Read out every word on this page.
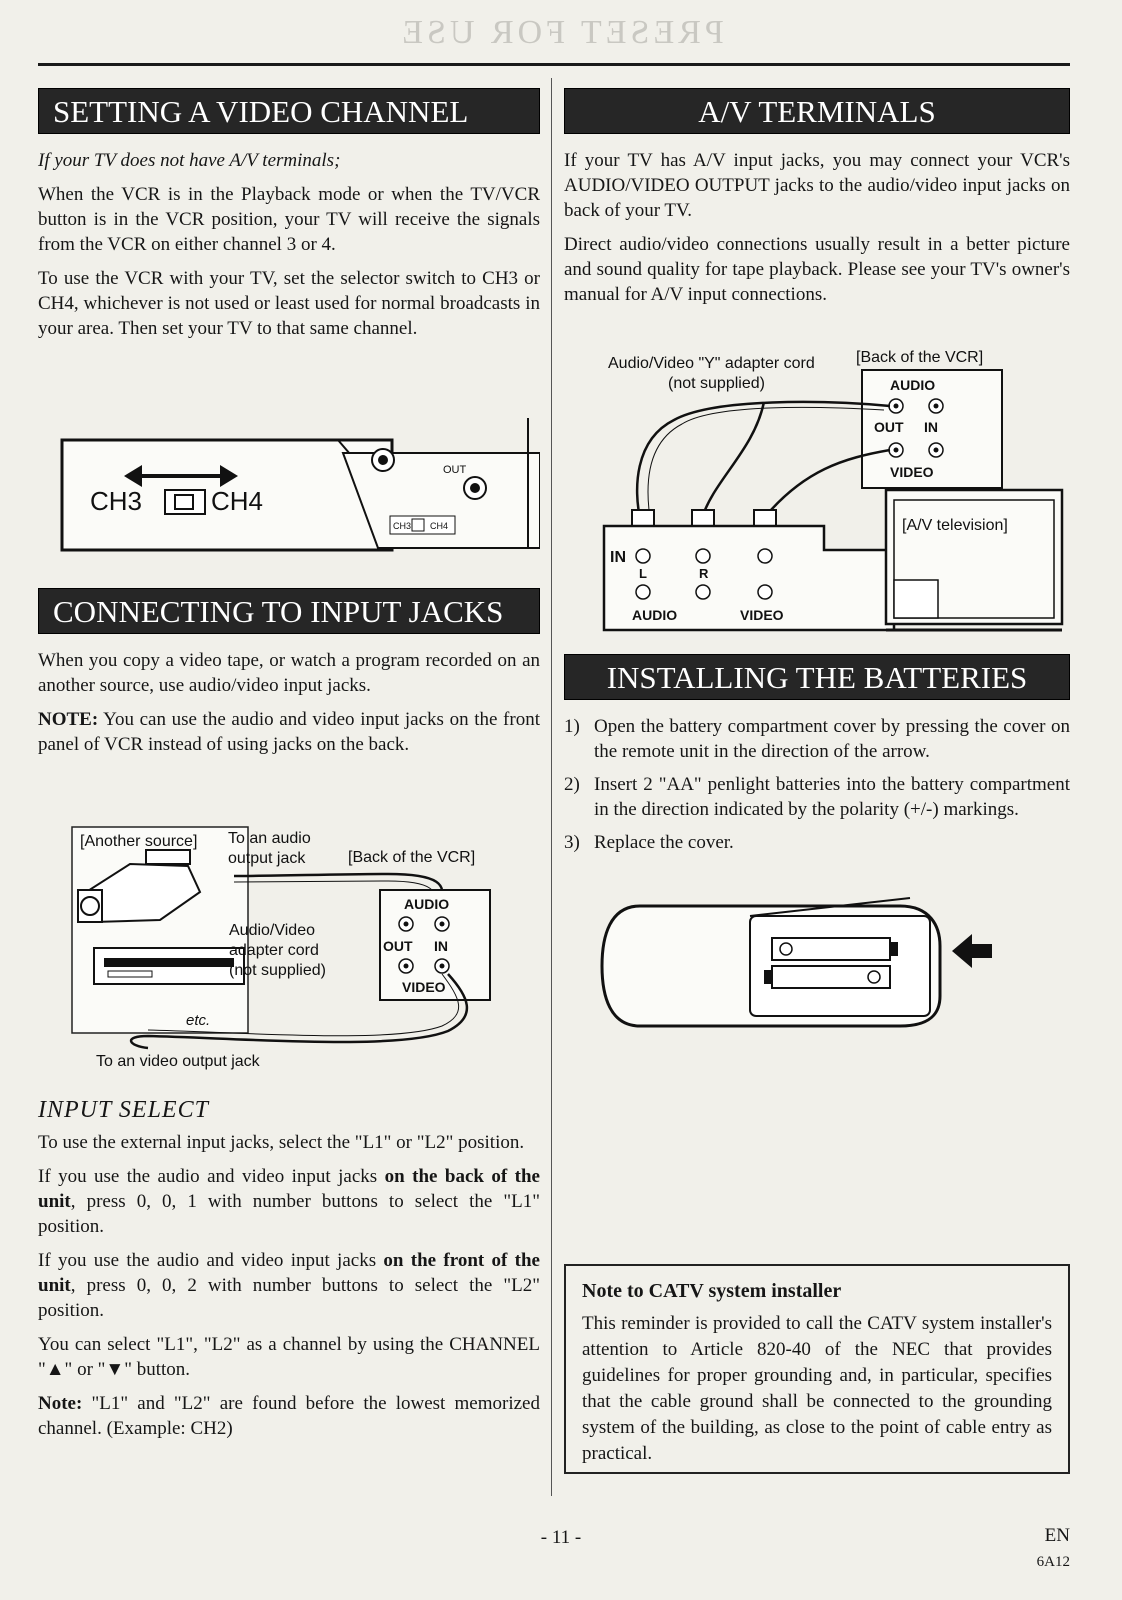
PRESET FOR USE
SETTING A VIDEO CHANNEL

If your TV does not have A/V terminals;

When the VCR is in the Playback mode or when the TV/VCR button is in the VCR position, your TV will receive the signals from the VCR on either channel 3 or 4.

To use the VCR with your TV, set the selector switch to CH3 or CH4, whichever is not used or least used for normal broadcasts in your area. Then set your TV to that same channel.

CH3	CH4
OUT
CH3 CH4
CONNECTING TO INPUT JACKS

When you copy a video tape, or watch a program recorded on an another source, use audio/video input jacks.

NOTE: You can use the audio and video input jacks on the front panel of VCR instead of using jacks on the back.

[Another source]
etc.
To an audio
output jack	[Back of the VCR]
AUDIO
OUT IN
VIDEO
Audio/Video
adapter cord
(not supplied)
To an video output jack
INPUT SELECT

To use the external input jacks, select the "L1" or "L2" position.

If you use the audio and video input jacks on the back of the unit, press 0, 0, 1 with number buttons to select the "L1" position.

If you use the audio and video input jacks on the front of the unit, press 0, 0, 2 with number buttons to select the "L2" position.

You can select "L1", "L2" as a channel by using the CHANNEL "▲" or "▼" button.

Note: "L1" and "L2" are found before the lowest memorized channel. (Example: CH2)

A/V TERMINALS

If your TV has A/V input jacks, you may connect your VCR's AUDIO/VIDEO OUTPUT jacks to the audio/video input jacks on back of your TV.

Direct audio/video connections usually result in a better picture and sound quality for tape playback. Please see your TV's owner's manual for A/V input connections.

Audio/Video "Y" adapter cord
(not supplied)
[Back of the VCR]
AUDIO
OUT IN
VIDEO
[A/V television]
IN
L	R
AUDIO	VIDEO
INSTALLING THE BATTERIES
1) Open the battery compartment cover by pressing the cover on the remote unit in the direction of the arrow.
2) Insert 2 "AA" penlight batteries into the battery compartment in the direction indicated by the polarity (+/-) markings.
3) Replace the cover.
Note to CATV system installer

This reminder is provided to call the CATV system installer's attention to Article 820-40 of the NEC that provides guidelines for proper grounding and, in particular, specifies that the cable ground shall be connected to the grounding system of the building, as close to the point of cable entry as practical.

- 11 -	EN
6A12
